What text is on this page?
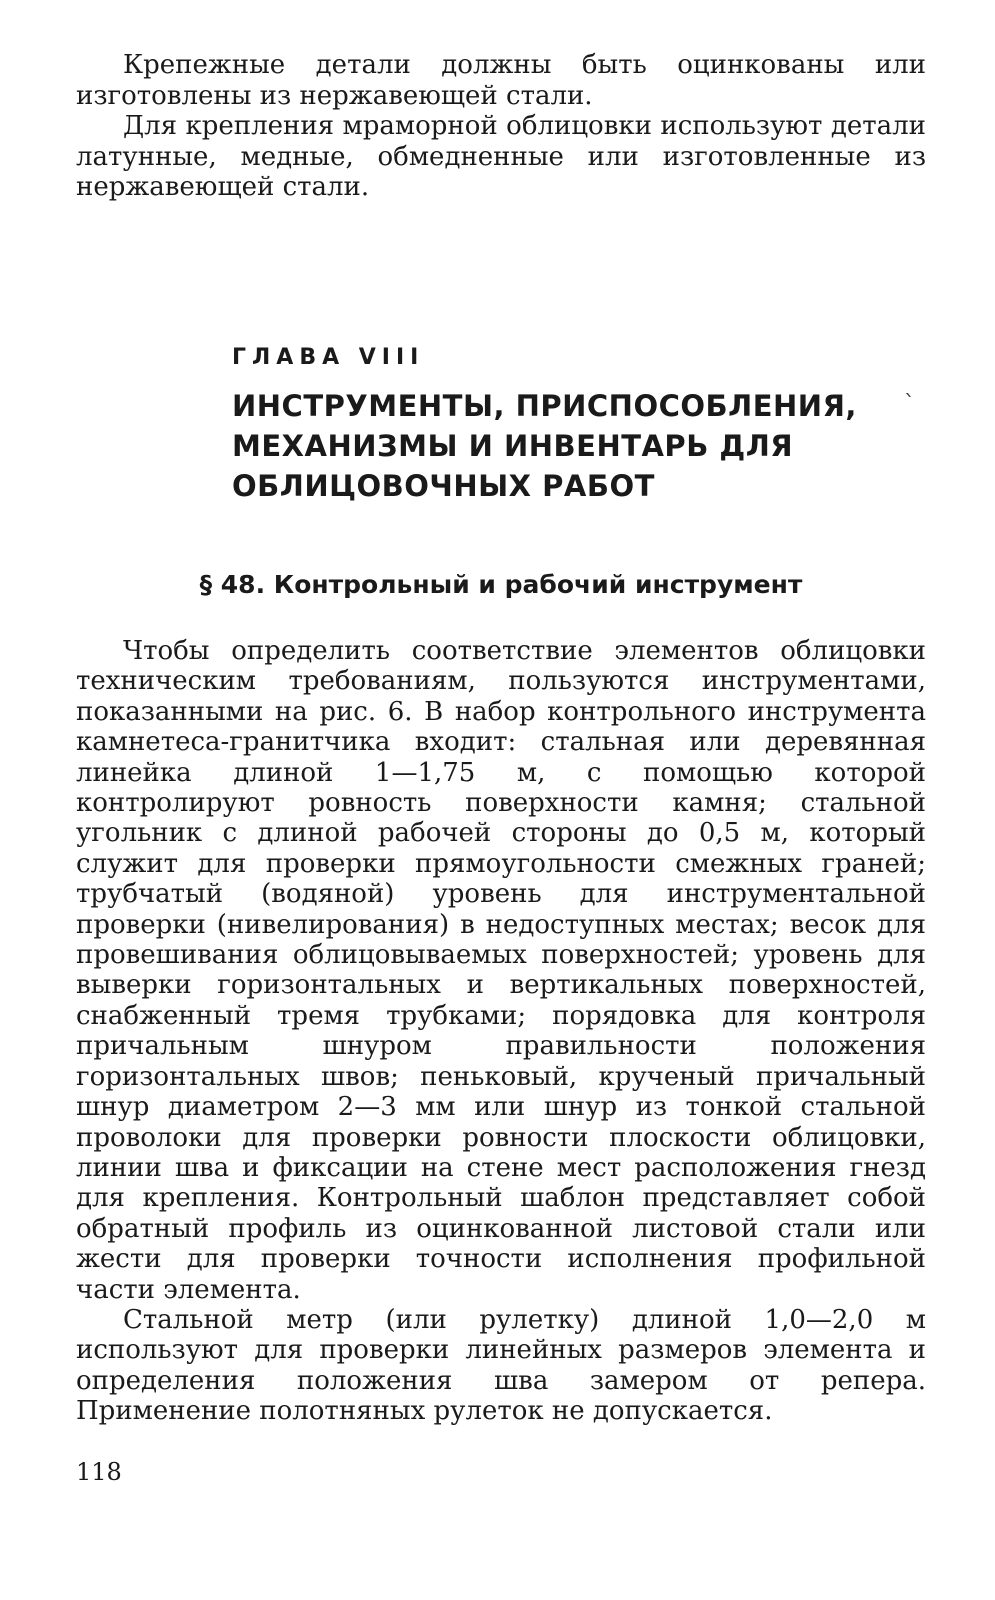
Крепежные детали должны быть оцинкованы или изготовлены из нержавеющей стали.

Для крепления мраморной облицовки используют детали латунные, медные, обмедненные или изготовленные из нержавеющей стали.

ГЛАВА VIII
ИНСТРУМЕНТЫ, ПРИСПОСОБЛЕНИЯ, МЕХАНИЗМЫ И ИНВЕНТАРЬ ДЛЯ ОБЛИЦОВОЧНЫХ РАБОТ
`
§ 48. Контрольный и рабочий инструмент

Чтобы определить соответствие элементов облицовки техническим требованиям, пользуются инструментами, показанными на рис. 6. В набор контрольного инструмента камнетеса-гранитчика входит: стальная или деревянная линейка длиной 1—1,75 м, с помощью которой контролируют ровность поверхности камня; стальной угольник с длиной рабочей стороны до 0,5 м, который служит для проверки прямоугольности смежных граней; трубчатый (водяной) уровень для инструментальной проверки (нивелирования) в недоступных местах; весок для провешивания облицовываемых поверхностей; уровень для выверки горизонтальных и вертикальных поверхностей, снабженный тремя трубками; порядовка для контроля причальным шнуром правильности положения горизонтальных швов; пеньковый, крученый причальный шнур диаметром 2—3 мм или шнур из тонкой стальной проволоки для проверки ровности плоскости облицовки, линии шва и фиксации на стене мест расположения гнезд для крепления. Контрольный шаблон представляет собой обратный профиль из оцинкованной листовой стали или жести для проверки точности исполнения профильной части элемента.

Стальной метр (или рулетку) длиной 1,0—2,0 м используют для проверки линейных размеров элемента и определения положения шва замером от репера. Применение полотняных рулеток не допускается.

118
